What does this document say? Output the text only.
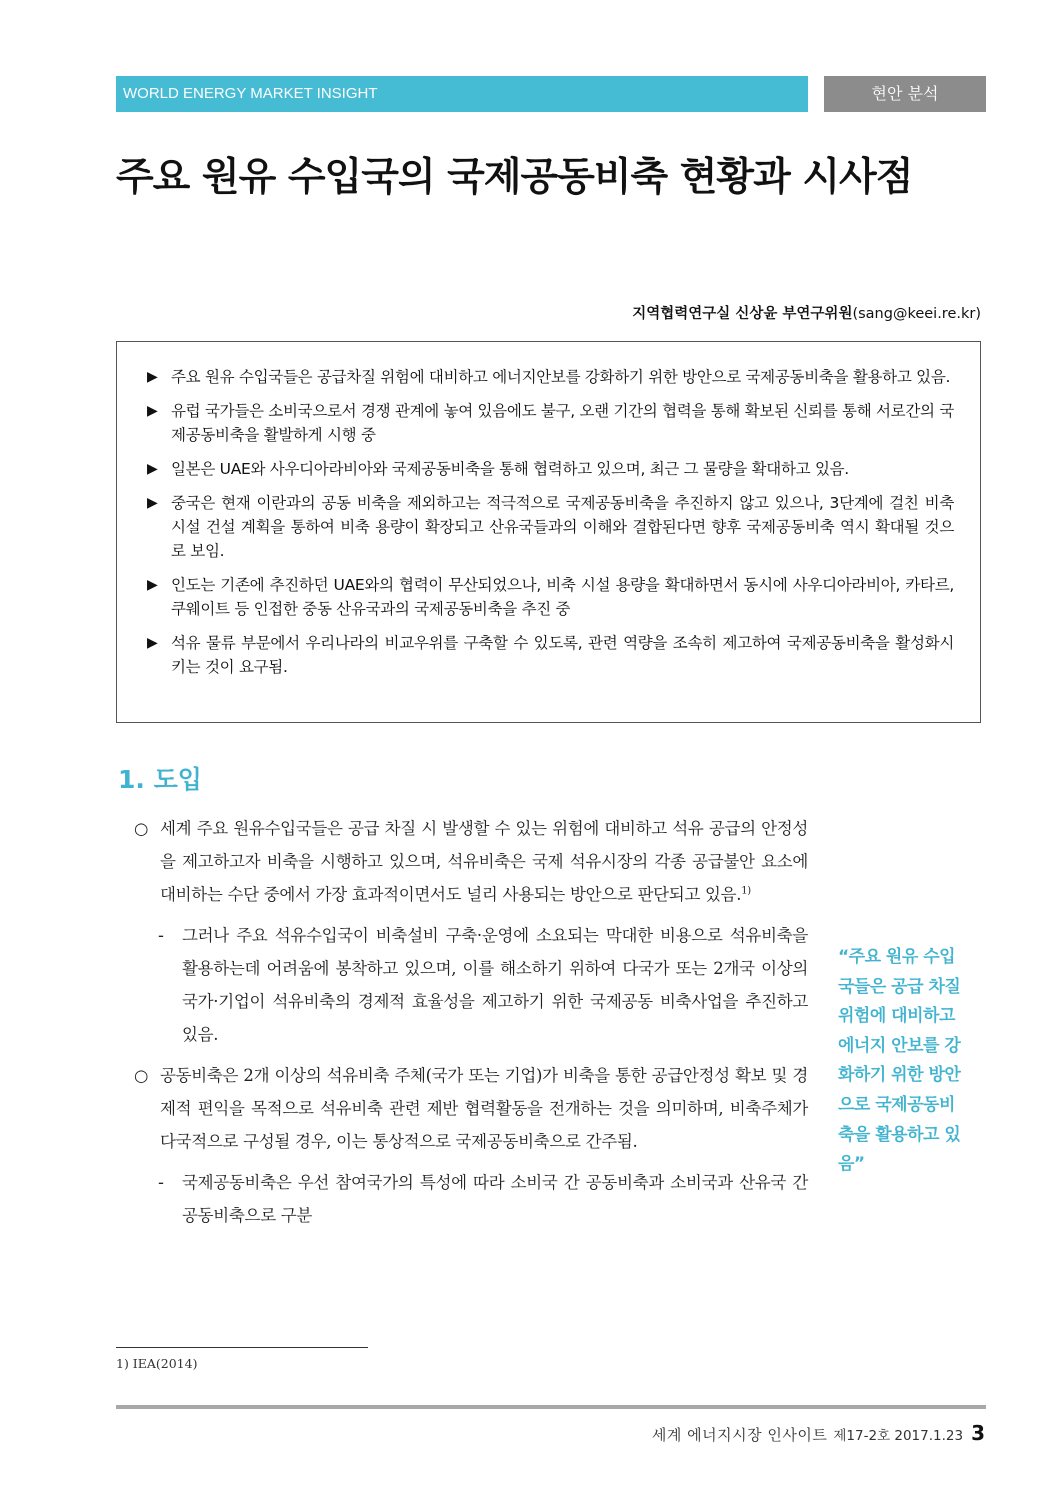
WORLD ENERGY MARKET INSIGHT	현안 분석
주요 원유 수입국의 국제공동비축 현황과 시사점
지역협력연구실 신상윤 부연구위원(sang@keei.re.kr)
▶ 주요 원유 수입국들은 공급차질 위험에 대비하고 에너지안보를 강화하기 위한 방안으로 국제공동비축을 활용하고 있음.
▶ 유럽 국가들은 소비국으로서 경쟁 관계에 놓여 있음에도 불구, 오랜 기간의 협력을 통해 확보된 신뢰를 통해 서로간의 국제공동비축을 활발하게 시행 중
▶ 일본은 UAE와 사우디아라비아와 국제공동비축을 통해 협력하고 있으며, 최근 그 물량을 확대하고 있음.
▶ 중국은 현재 이란과의 공동 비축을 제외하고는 적극적으로 국제공동비축을 추진하지 않고 있으나, 3단계에 걸친 비축 시설 건설 계획을 통하여 비축 용량이 확장되고 산유국들과의 이해와 결합된다면 향후 국제공동비축 역시 확대될 것으로 보임.
▶ 인도는 기존에 추진하던 UAE와의 협력이 무산되었으나, 비축 시설 용량을 확대하면서 동시에 사우디아라비아, 카타르, 쿠웨이트 등 인접한 중동 산유국과의 국제공동비축을 추진 중
▶ 석유 물류 부문에서 우리나라의 비교우위를 구축할 수 있도록, 관련 역량을 조속히 제고하여 국제공동비축을 활성화시키는 것이 요구됨.
1. 도입
○ 세계 주요 원유수입국들은 공급 차질 시 발생할 수 있는 위험에 대비하고 석유 공급의 안정성을 제고하고자 비축을 시행하고 있으며, 석유비축은 국제 석유시장의 각종 공급불안 요소에 대비하는 수단 중에서 가장 효과적이면서도 널리 사용되는 방안으로 판단되고 있음.$^{1)}$
-	그러나 주요 석유수입국이 비축설비 구축·운영에 소요되는 막대한 비용으로 석유비축을 활용하는데 어려움에 봉착하고 있으며, 이를 해소하기 위하여 다국가 또는 2개국 이상의 국가·기업이 석유비축의 경제적 효율성을 제고하기 위한 국제공동 비축사업을 추진하고 있음.
○ 공동비축은 2개 이상의 석유비축 주체(국가 또는 기업)가 비축을 통한 공급안정성 확보 및 경제적 편익을 목적으로 석유비축 관련 제반 협력활동을 전개하는 것을 의미하며, 비축주체가 다국적으로 구성될 경우, 이는 통상적으로 국제공동비축으로 간주됨.
-	국제공동비축은 우선 참여국가의 특성에 따라 소비국 간 공동비축과 소비국과 산유국 간 공동비축으로 구분
“주요 원유 수입국들은 공급 차질 위험에 대비하고 에너지 안보를 강화하기 위한 방안으로 국제공동비축을 활용하고 있음”
1) IEA(2014)
세계 에너지시장 인사이트 제17-2호 2017.1.23 3
